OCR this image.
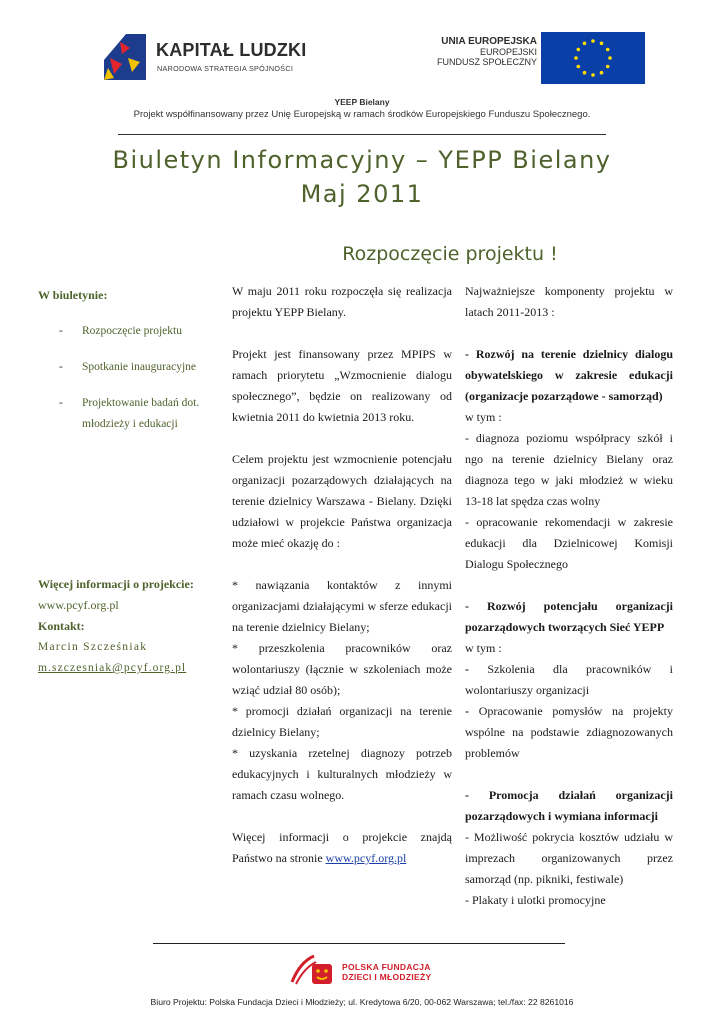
KAPITAŁ LUDZKI
NARODOWA STRATEGIA SPÓJNOŚCI
UNIA EUROPEJSKA
EUROPEJSKI
FUNDUSZ SPOŁECZNY
YEEP Bielany
Projekt współfinansowany przez Unię Europejską w ramach środków Europejskiego Funduszu Społecznego.
Biuletyn Informacyjny – YEPP Bielany
Maj 2011
Rozpoczęcie projektu !
W biuletynie:
- Rozpoczęcie projektu
- Spotkanie inauguracyjne
- Projektowanie badań dot. młodzieży i edukacji
Więcej informacji o projekcie:
www.pcyf.org.pl
Kontakt:
Marcin Szcześniak
m.szczesniak@pcyf.org.pl

W maju 2011 roku rozpoczęła się realizacja projektu YEPP Bielany.

Projekt jest finansowany przez MPIPS w ramach priorytetu „Wzmocnienie dialogu społecznego”, będzie on realizowany od kwietnia 2011 do kwietnia 2013 roku.

Celem projektu jest wzmocnienie potencjału organizacji pozarządowych działających na terenie dzielnicy Warszawa - Bielany. Dzięki udziałowi w projekcie Państwa organizacja może mieć okazję do :

* nawiązania kontaktów z innymi organizacjami działającymi w sferze edukacji na terenie dzielnicy Bielany;

* przeszkolenia pracowników oraz wolontariuszy (łącznie w szkoleniach może wziąć udział 80 osób);

* promocji działań organizacji na terenie dzielnicy Bielany;

* uzyskania rzetelnej diagnozy potrzeb edukacyjnych i kulturalnych młodzieży w ramach czasu wolnego.

Więcej informacji o projekcie znajdą Państwo na stronie www.pcyf.org.pl

Najważniejsze komponenty projektu w latach 2011-2013 :

- Rozwój na terenie dzielnicy dialogu obywatelskiego w zakresie edukacji (organizacje pozarządowe - samorząd)

w tym :

- diagnoza poziomu współpracy szkół i ngo na terenie dzielnicy Bielany oraz diagnoza tego w jaki młodzież w wieku 13-18 lat spędza czas wolny

- opracowanie rekomendacji w zakresie edukacji dla Dzielnicowej Komisji Dialogu Społecznego

- Rozwój potencjału organizacji pozarządowych tworzących Sieć YEPP

w tym :

- Szkolenia dla pracowników i wolontariuszy organizacji

- Opracowanie pomysłów na projekty wspólne na podstawie zdiagnozowanych problemów

- Promocja działań organizacji pozarządowych i wymiana informacji

- Możliwość pokrycia kosztów udziału w imprezach organizowanych przez samorząd (np. pikniki, festiwale)

- Plakaty i ulotki promocyjne

POLSKA FUNDACJA
DZIECI I MŁODZIEŻY
Biuro Projektu: Polska Fundacja Dzieci i Młodzieży; ul. Kredytowa 6/20, 00-062 Warszawa; tel./fax: 22 8261016
